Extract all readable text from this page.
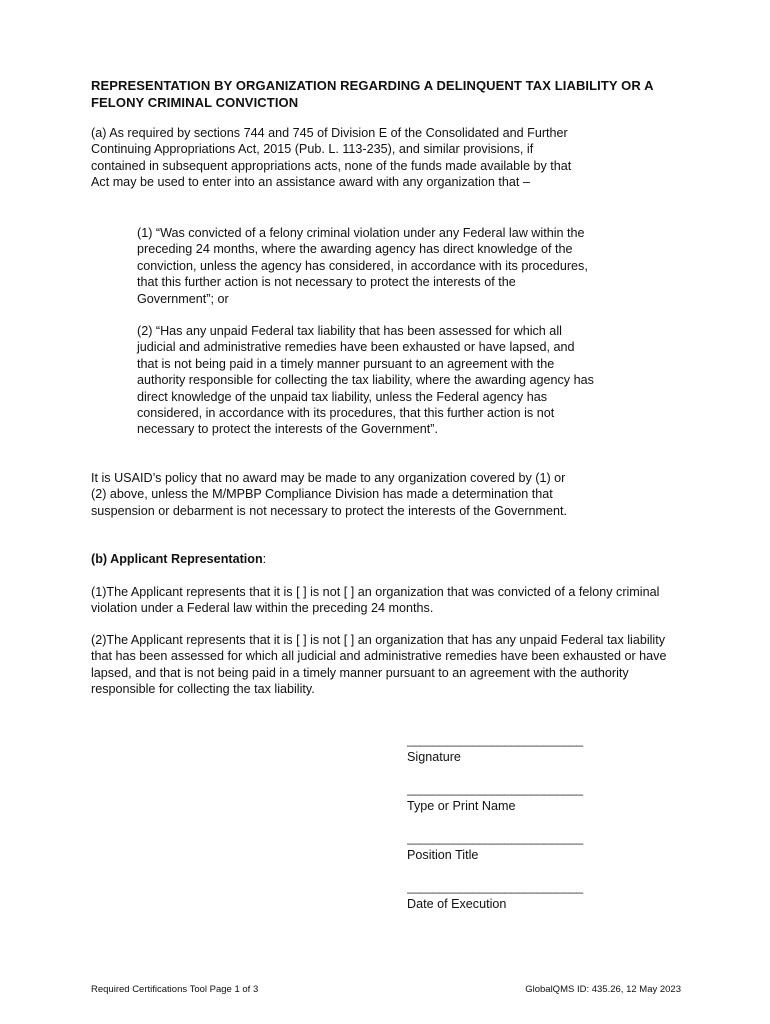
REPRESENTATION BY ORGANIZATION REGARDING A DELINQUENT TAX LIABILITY OR A FELONY CRIMINAL CONVICTION

(a) As required by sections 744 and 745 of Division E of the Consolidated and Further Continuing Appropriations Act, 2015 (Pub. L. 113-235), and similar provisions, if contained in subsequent appropriations acts, none of the funds made available by that Act may be used to enter into an assistance award with any organization that –

(1) “Was convicted of a felony criminal violation under any Federal law within the preceding 24 months, where the awarding agency has direct knowledge of the conviction, unless the agency has considered, in accordance with its procedures, that this further action is not necessary to protect the interests of the Government”; or

(2) “Has any unpaid Federal tax liability that has been assessed for which all judicial and administrative remedies have been exhausted or have lapsed, and that is not being paid in a timely manner pursuant to an agreement with the authority responsible for collecting the tax liability, where the awarding agency has direct knowledge of the unpaid tax liability, unless the Federal agency has considered, in accordance with its procedures, that this further action is not necessary to protect the interests of the Government”.

It is USAID’s policy that no award may be made to any organization covered by (1) or (2) above, unless the M/MPBP Compliance Division has made a determination that suspension or debarment is not necessary to protect the interests of the Government.

(b) Applicant Representation:

(1)The Applicant represents that it is [ ] is not [ ] an organization that was convicted of a felony criminal violation under a Federal law within the preceding 24 months.

(2)The Applicant represents that it is [ ] is not [ ] an organization that has any unpaid Federal tax liability that has been assessed for which all judicial and administrative remedies have been exhausted or have lapsed, and that is not being paid in a timely manner pursuant to an agreement with the authority responsible for collecting the tax liability.

___________________________
Signature
___________________________
Type or Print Name
___________________________
Position Title
___________________________
Date of Execution
Required Certifications Tool Page 1 of 3	GlobalQMS ID: 435.26, 12 May 2023
